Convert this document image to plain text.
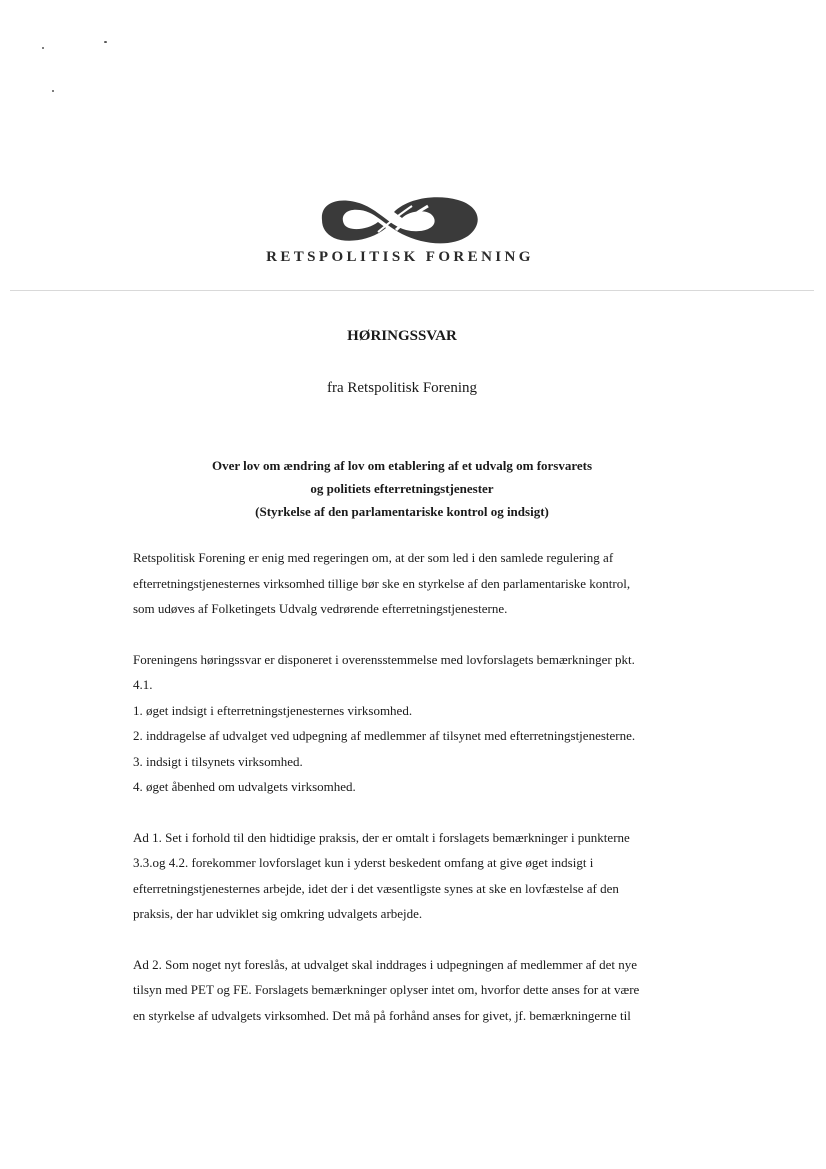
RETSPOLITISK FORENING
HØRINGSSVAR
fra Retspolitisk Forening
Over lov om ændring af lov om etablering af et udvalg om forsvarets
og politiets efterretningstjenester
(Styrkelse af den parlamentariske kontrol og indsigt)

Retspolitisk Forening er enig med regeringen om, at der som led i den samlede regulering af
efterretningstjenesternes virksomhed tillige bør ske en styrkelse af den parlamentariske kontrol,
som udøves af Folketingets Udvalg vedrørende efterretningstjenesterne.

Foreningens høringssvar er disponeret i overensstemmelse med lovforslagets bemærkninger pkt.
4.1.
1. øget indsigt i efterretningstjenesternes virksomhed.
2. inddragelse af udvalget ved udpegning af medlemmer af tilsynet med efterretningstjenesterne.
3. indsigt i tilsynets virksomhed.
4. øget åbenhed om udvalgets virksomhed.

Ad 1. Set i forhold til den hidtidige praksis, der er omtalt i forslagets bemærkninger i punkterne
3.3.og 4.2. forekommer lovforslaget kun i yderst beskedent omfang at give øget indsigt i
efterretningstjenesternes arbejde, idet der i det væsentligste synes at ske en lovfæstelse af den
praksis, der har udviklet sig omkring udvalgets arbejde.

Ad 2. Som noget nyt foreslås, at udvalget skal inddrages i udpegningen af medlemmer af det nye
tilsyn med PET og FE. Forslagets bemærkninger oplyser intet om, hvorfor dette anses for at være
en styrkelse af udvalgets virksomhed. Det må på forhånd anses for givet, jf. bemærkningerne til
